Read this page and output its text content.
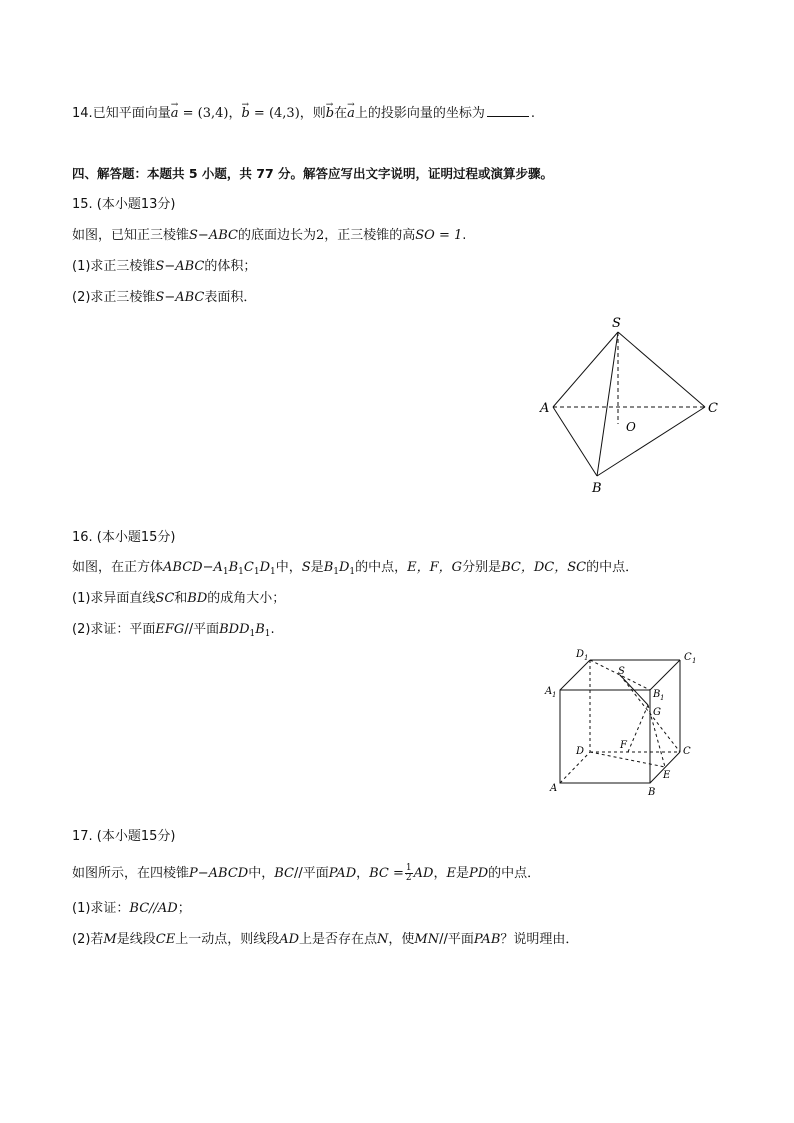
14.已知平面向量→ a = (3,4)，→ b = (4,3)，则→ b在→ a上的投影向量的坐标为	.
四、解答题：本题共 5 小题，共 77 分。解答应写出文字说明，证明过程或演算步骤。
15. (本小题13分)
如图，已知正三棱锥S−ABC的底面边长为2，正三棱锥的高SO = 1.
(1)求正三棱锥S−ABC的体积；
(2)求正三棱锥S−ABC表面积．
S
A	C
O
B
16. (本小题15分)
如图，在正方体$ABCD-A_1B_1C_1D_1$中，S是$B_1D_1$的中点，E，F，G分别是BC，DC，SC的中点．
(1)求异面直线SC和BD的成角大小；
(2)求证：平面EFG//平面$BDD_1B_1$.
D 1	C 1
A 1	B 1
S
G
D
F
C
E
A	B
17. (本小题15分)
如图所示，在四棱锥P−ABCD中，BC//平面PAD，BC = $\frac{1}{2}$ AD，E是PD的中点．
(1)求证：BC//AD；
(2)若M是线段CE上一动点，则线段AD上是否存在点N，使MN//平面PAB？说明理由．
